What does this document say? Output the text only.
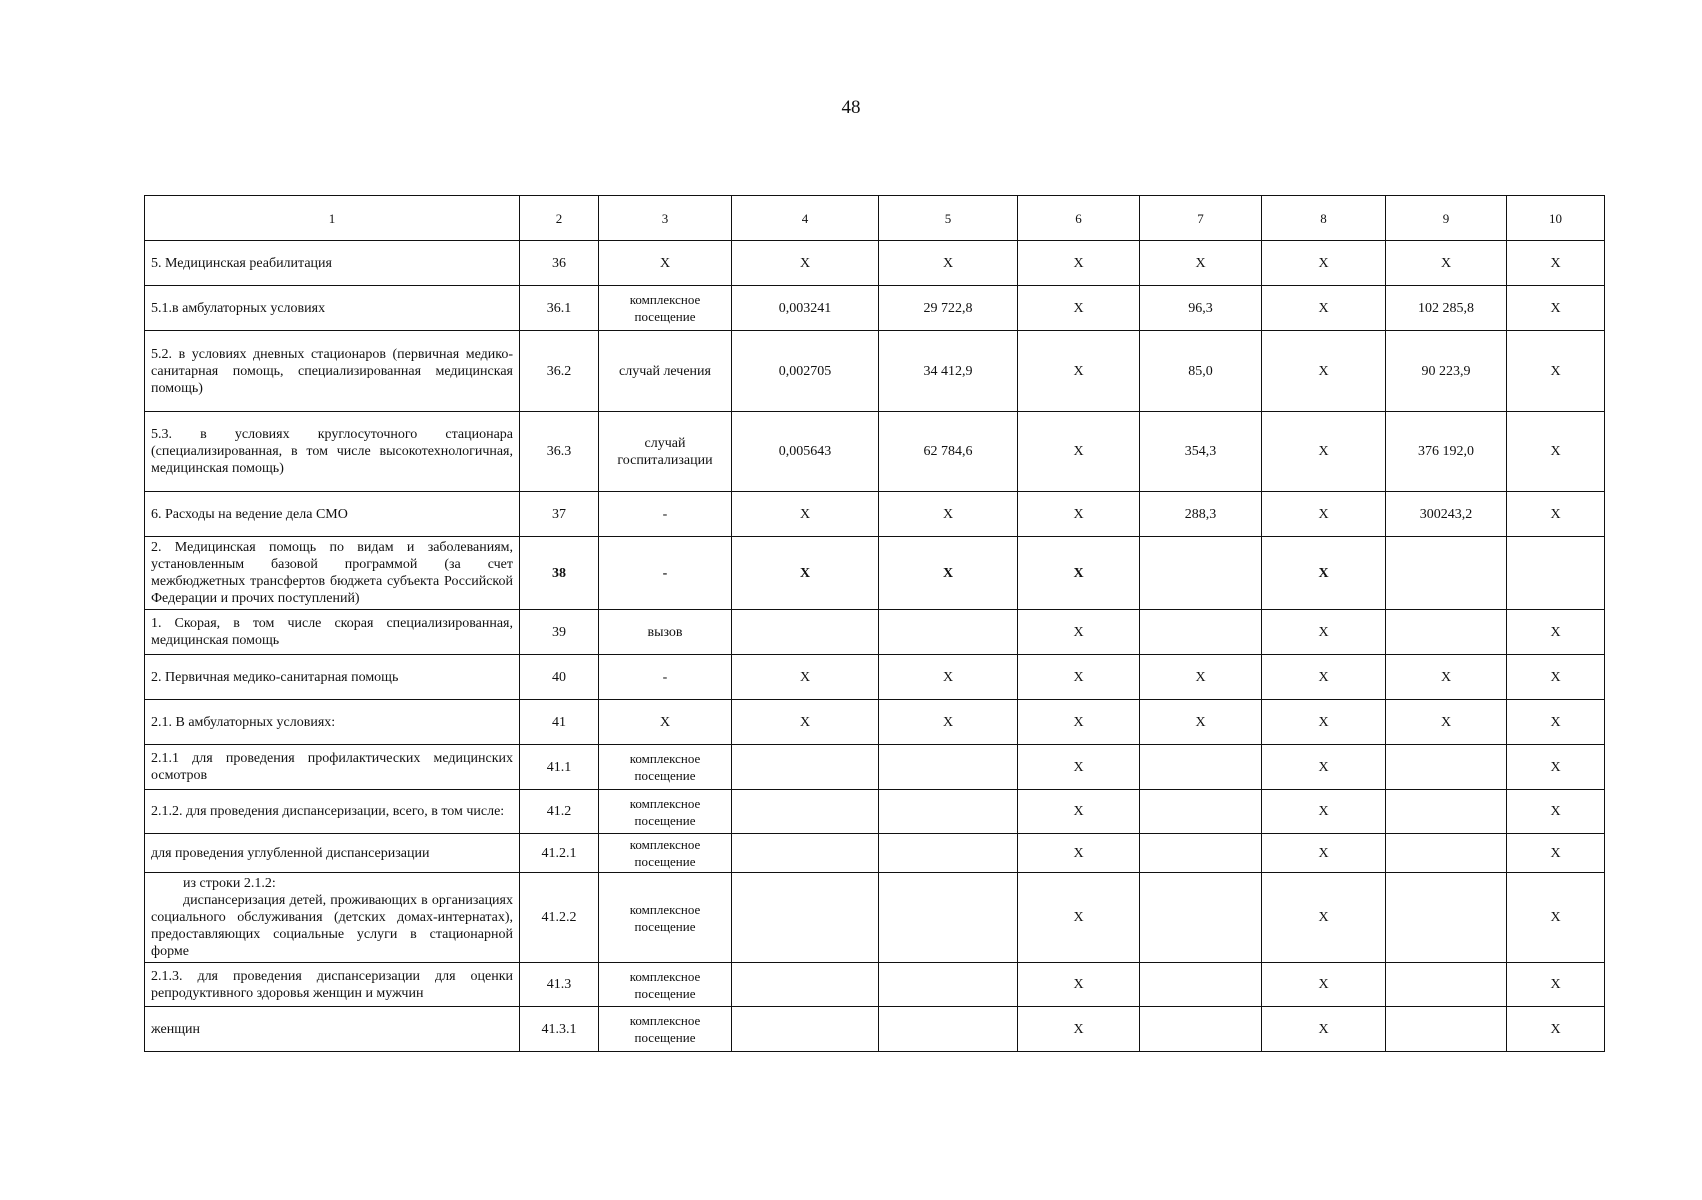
48
1	2	3	4	5	6	7	8	9	10
5. Медицинская реабилитация	36	X	X	X	X	X	X	X	X
5.1.в амбулаторных условиях	36.1	комплексное посещение	0,003241	29 722,8	X	96,3	X	102 285,8	X
5.2. в условиях дневных стационаров (первичная медико-санитарная помощь, специализированная медицинская помощь)	36.2	случай лечения	0,002705	34 412,9	X	85,0	X	90 223,9	X
5.3. в условиях круглосуточного стационара (специализированная, в том числе высокотехнологичная, медицинская помощь)	36.3	случай госпитализации	0,005643	62 784,6	X	354,3	X	376 192,0	X
6. Расходы на ведение дела СМО	37	-	X	X	X	288,3	X	300243,2	X
2. Медицинская помощь по видам и заболеваниям, установленным базовой программой (за счет межбюджетных трансфертов бюджета субъекта Российской Федерации и прочих поступлений)	38	-	X	X	X		X		
1. Скорая, в том числе скорая специализированная, медицинская помощь	39	вызов			X		X		X
2. Первичная медико-санитарная помощь	40	-	X	X	X	X	X	X	X
2.1. В амбулаторных условиях:	41	X	X	X	X	X	X	X	X
2.1.1 для проведения профилактических медицинских осмотров	41.1	комплексное посещение			X		X		X
2.1.2. для проведения диспансеризации, всего, в том числе:	41.2	комплексное посещение			X		X		X
для проведения углубленной диспансеризации	41.2.1	комплексное посещение			X		X		X

из строки 2.1.2:
диспансеризация детей, проживающих в организациях социального обслуживания (детских домах-интернатах), предоставляющих социальные услуги в стационарной форме	41.2.2	комплексное посещение			X		X		X
2.1.3. для проведения диспансеризации для оценки репродуктивного здоровья женщин и мужчин	41.3	комплексное посещение			X		X		X
женщин	41.3.1	комплексное посещение			X		X		X
